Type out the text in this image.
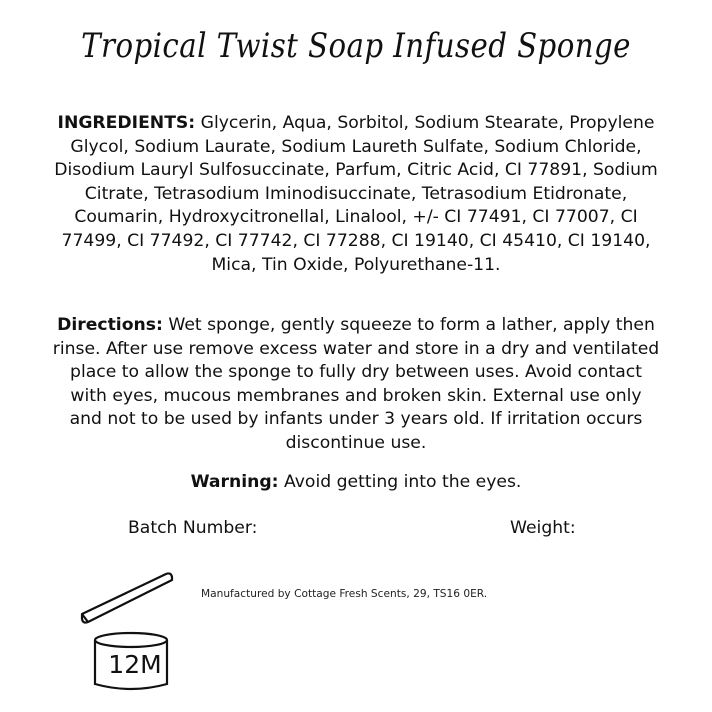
Tropical Twist Soap Infused Sponge
INGREDIENTS: Glycerin, Aqua, Sorbitol, Sodium Stearate, Propylene Glycol, Sodium Laurate, Sodium Laureth Sulfate, Sodium Chloride, Disodium Lauryl Sulfosuccinate, Parfum, Citric Acid, CI 77891, Sodium Citrate, Tetrasodium Iminodisuccinate, Tetrasodium Etidronate, Coumarin, Hydroxycitronellal, Linalool, +/- CI 77491, CI 77007, CI 77499, CI 77492, CI 77742, CI 77288, CI 19140, CI 45410, CI 19140, Mica, Tin Oxide, Polyurethane-11.
Directions: Wet sponge, gently squeeze to form a lather, apply then rinse. After use remove excess water and store in a dry and ventilated place to allow the sponge to fully dry between uses. Avoid contact with eyes, mucous membranes and broken skin. External use only and not to be used by infants under 3 years old. If irritation occurs discontinue use.
Warning: Avoid getting into the eyes.
Batch Number:	Weight:
Manufactured by Cottage Fresh Scents, 29, TS16 0ER.
12M
